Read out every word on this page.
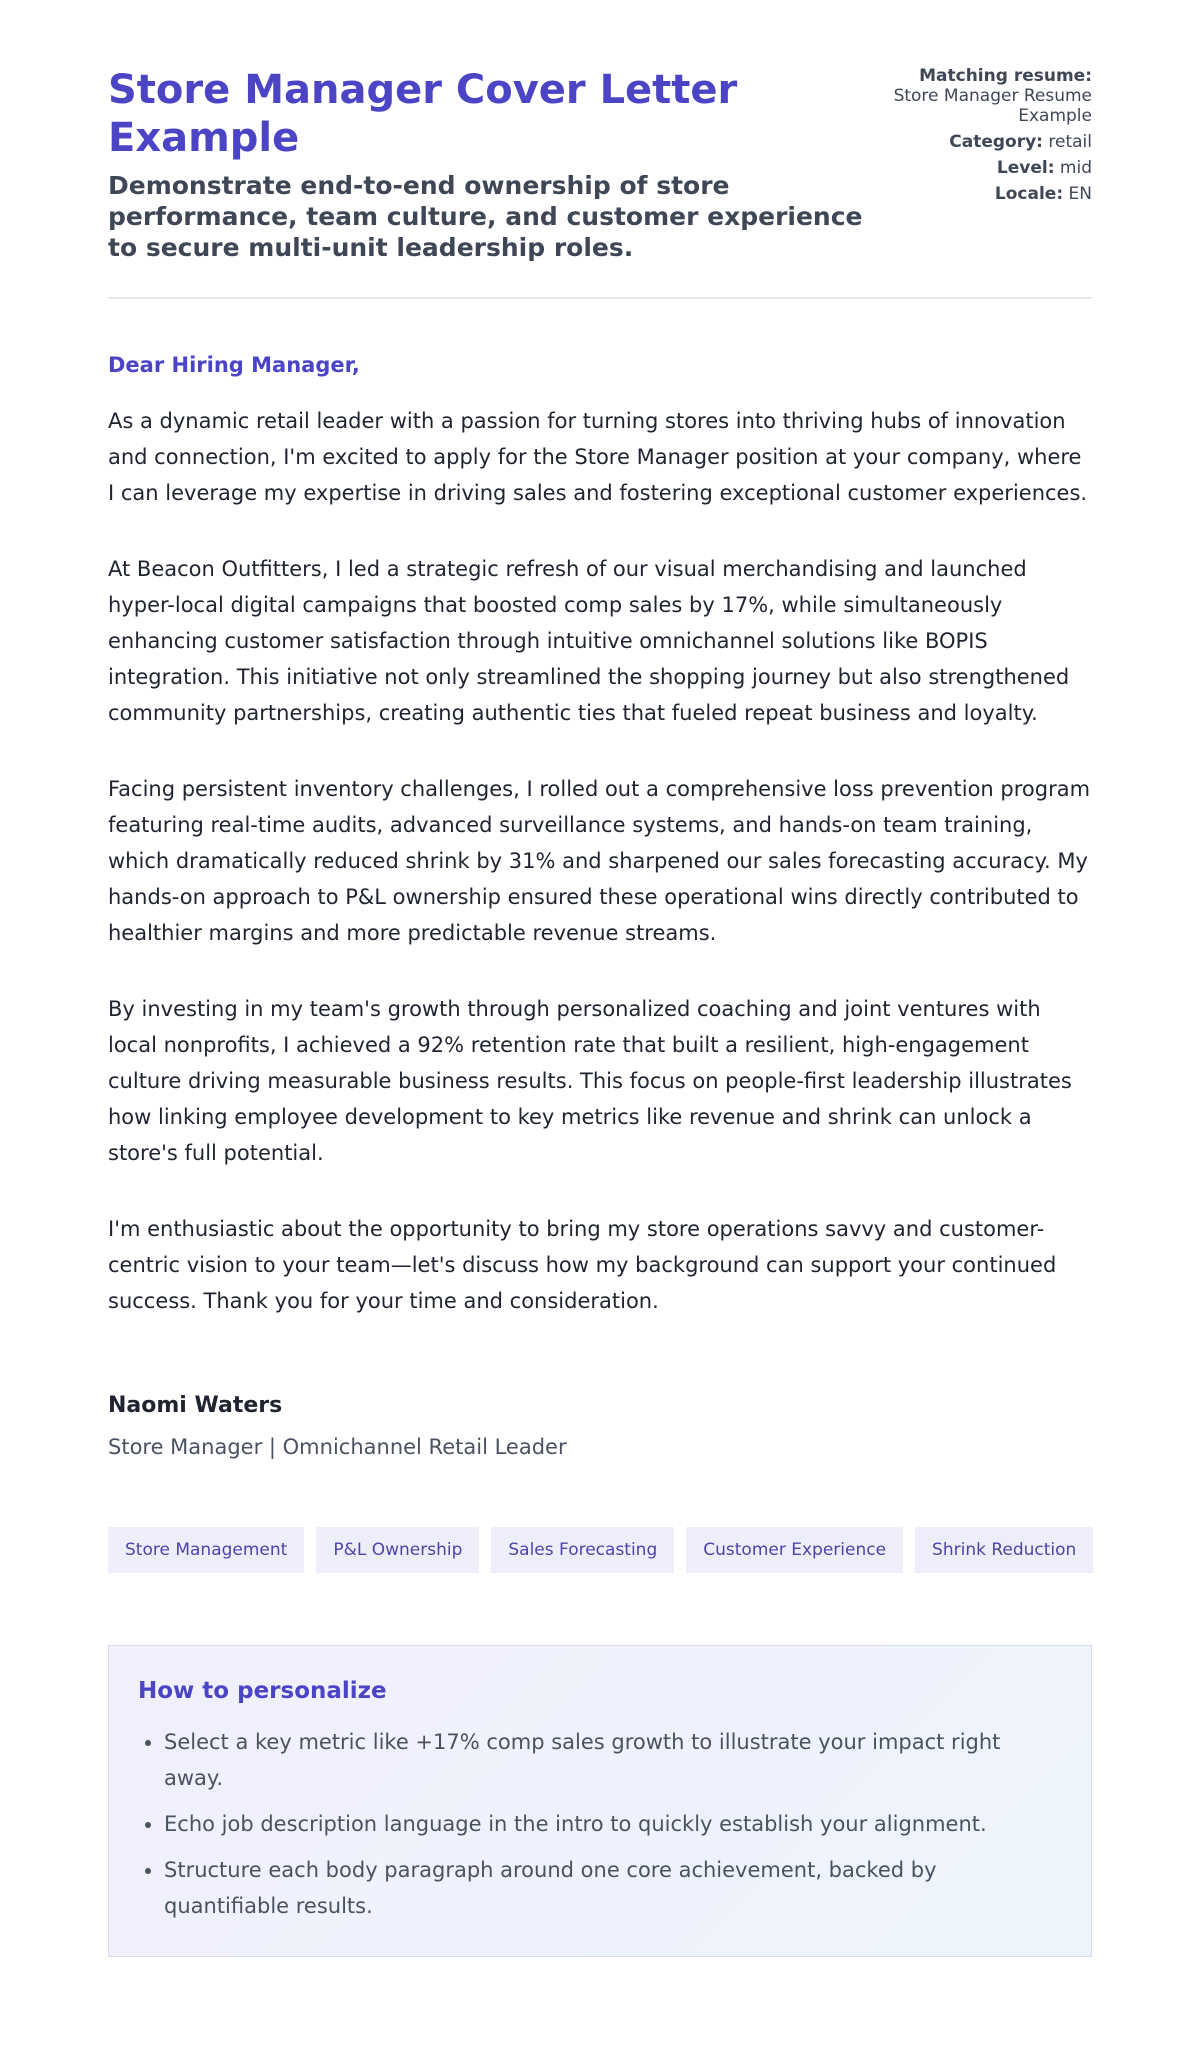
Store Manager Cover Letter Example

Demonstrate end-to-end ownership of store performance, team culture, and customer experience to secure multi-unit leadership roles.

Matching resume:
Store Manager Resume Example
Category: retail
Level: mid
Locale: EN

Dear Hiring Manager,

As a dynamic retail leader with a passion for turning stores into thriving hubs of innovation and connection, I'm excited to apply for the Store Manager position at your company, where I can leverage my expertise in driving sales and fostering exceptional customer experiences.

At Beacon Outfitters, I led a strategic refresh of our visual merchandising and launched hyper-local digital campaigns that boosted comp sales by 17%, while simultaneously enhancing customer satisfaction through intuitive omnichannel solutions like BOPIS integration. This initiative not only streamlined the shopping journey but also strengthened community partnerships, creating authentic ties that fueled repeat business and loyalty.

Facing persistent inventory challenges, I rolled out a comprehensive loss prevention program featuring real-time audits, advanced surveillance systems, and hands-on team training, which dramatically reduced shrink by 31% and sharpened our sales forecasting accuracy. My hands-on approach to P&L ownership ensured these operational wins directly contributed to healthier margins and more predictable revenue streams.

By investing in my team's growth through personalized coaching and joint ventures with local nonprofits, I achieved a 92% retention rate that built a resilient, high-engagement culture driving measurable business results. This focus on people-first leadership illustrates how linking employee development to key metrics like revenue and shrink can unlock a store's full potential.

I'm enthusiastic about the opportunity to bring my store operations savvy and customer-centric vision to your team—let's discuss how my background can support your continued success. Thank you for your time and consideration.

Naomi Waters
Store Manager | Omnichannel Retail Leader
Store Management	P&L Ownership	Sales Forecasting	Customer Experience	Shrink Reduction
How to personalize
• Select a key metric like +17% comp sales growth to illustrate your impact right away.
• Echo job description language in the intro to quickly establish your alignment.
• Structure each body paragraph around one core achievement, backed by quantifiable results.
